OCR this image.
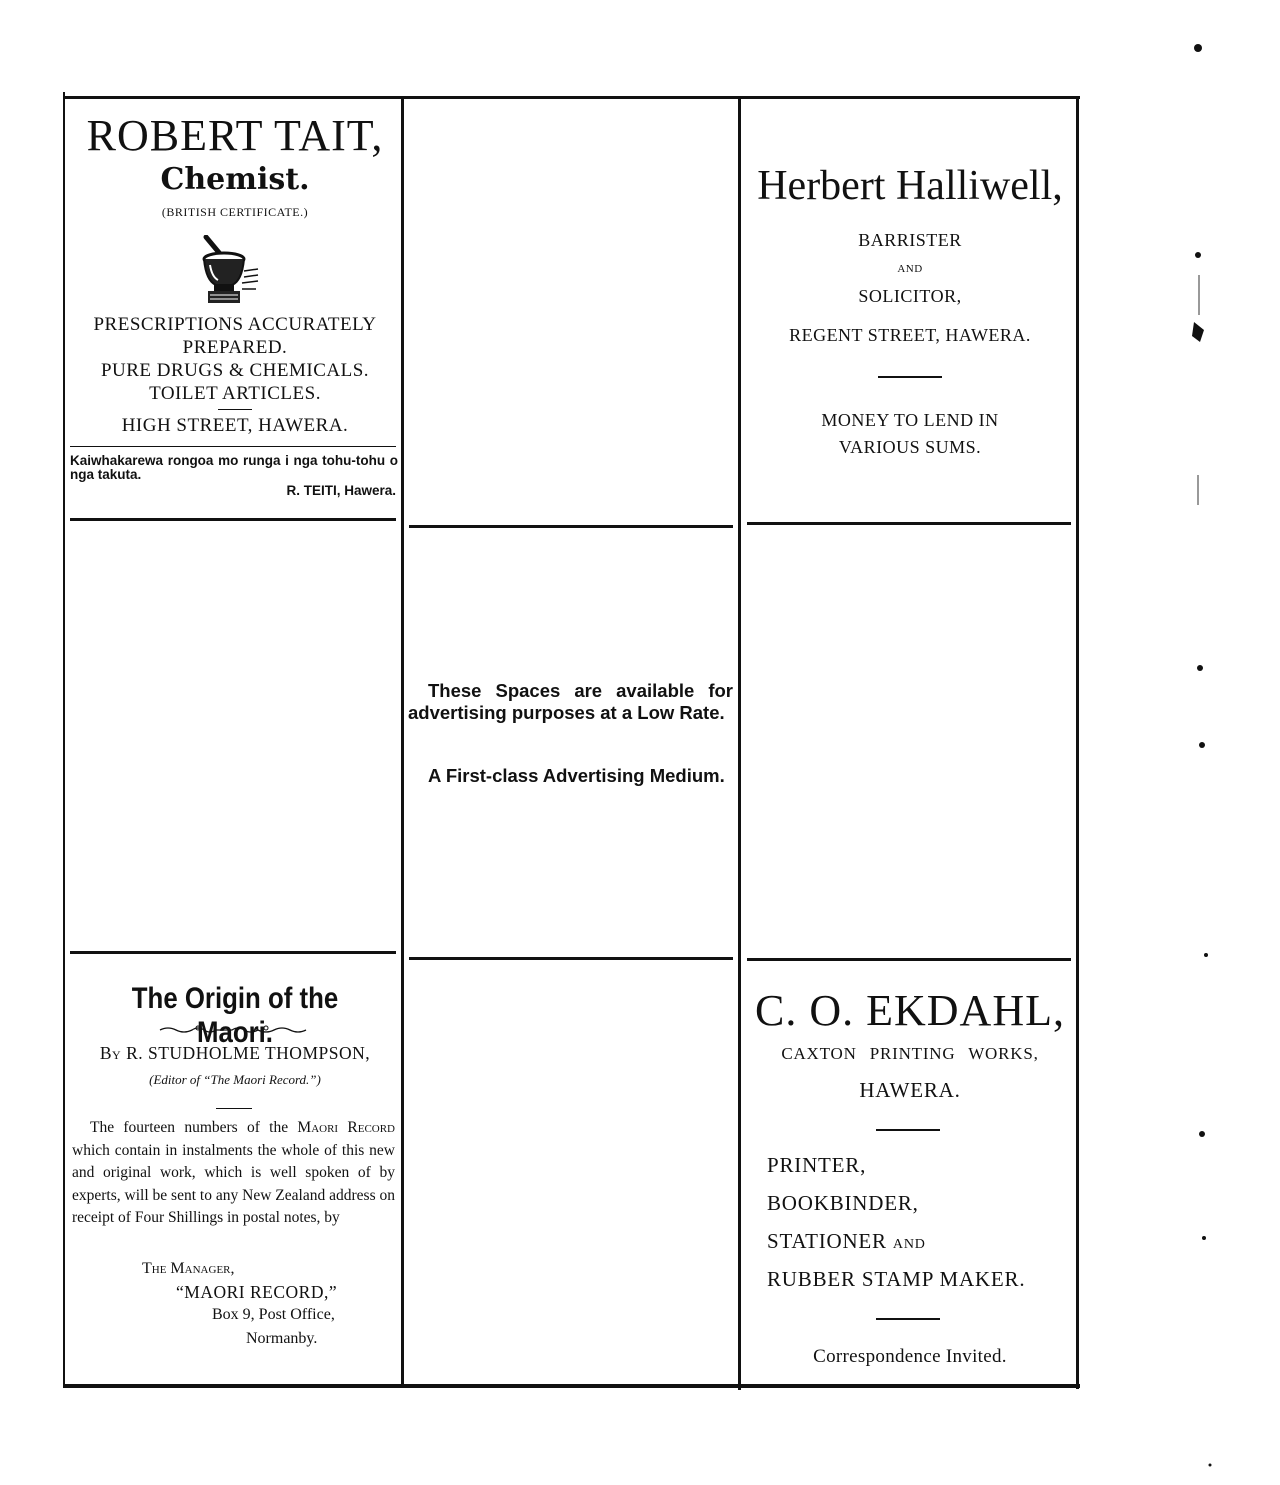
ROBERT TAIT,
Chemist.
(BRITISH CERTIFICATE.)
PRESCRIPTIONS ACCURATELY
PREPARED.
PURE DRUGS & CHEMICALS.
TOILET ARTICLES.
HIGH STREET, HAWERA.
Kaiwhakarewa rongoa mo runga i nga tohu-tohu o nga takuta.
R. TEITI, Hawera.
Herbert Halliwell,
BARRISTER
AND
SOLICITOR,
REGENT STREET, HAWERA.
MONEY TO LEND IN
VARIOUS SUMS.
These Spaces are available for advertising purposes at a Low Rate.
A First-class Advertising Medium.
The Origin of the Maori.
By R. STUDHOLME THOMPSON,
(Editor of “The Maori Record.”)
The fourteen numbers of the Maori Record which contain in instalments the whole of this new and original work, which is well spoken of by experts, will be sent to any New Zealand address on receipt of Four Shillings in postal notes, by
The Manager,
“MAORI RECORD,”
Box 9, Post Office,
Normanby.
C. O. EKDAHL,
CAXTON PRINTING WORKS,
HAWERA.
PRINTER,
BOOKBINDER,
STATIONER AND
RUBBER STAMP MAKER.
Correspondence Invited.
